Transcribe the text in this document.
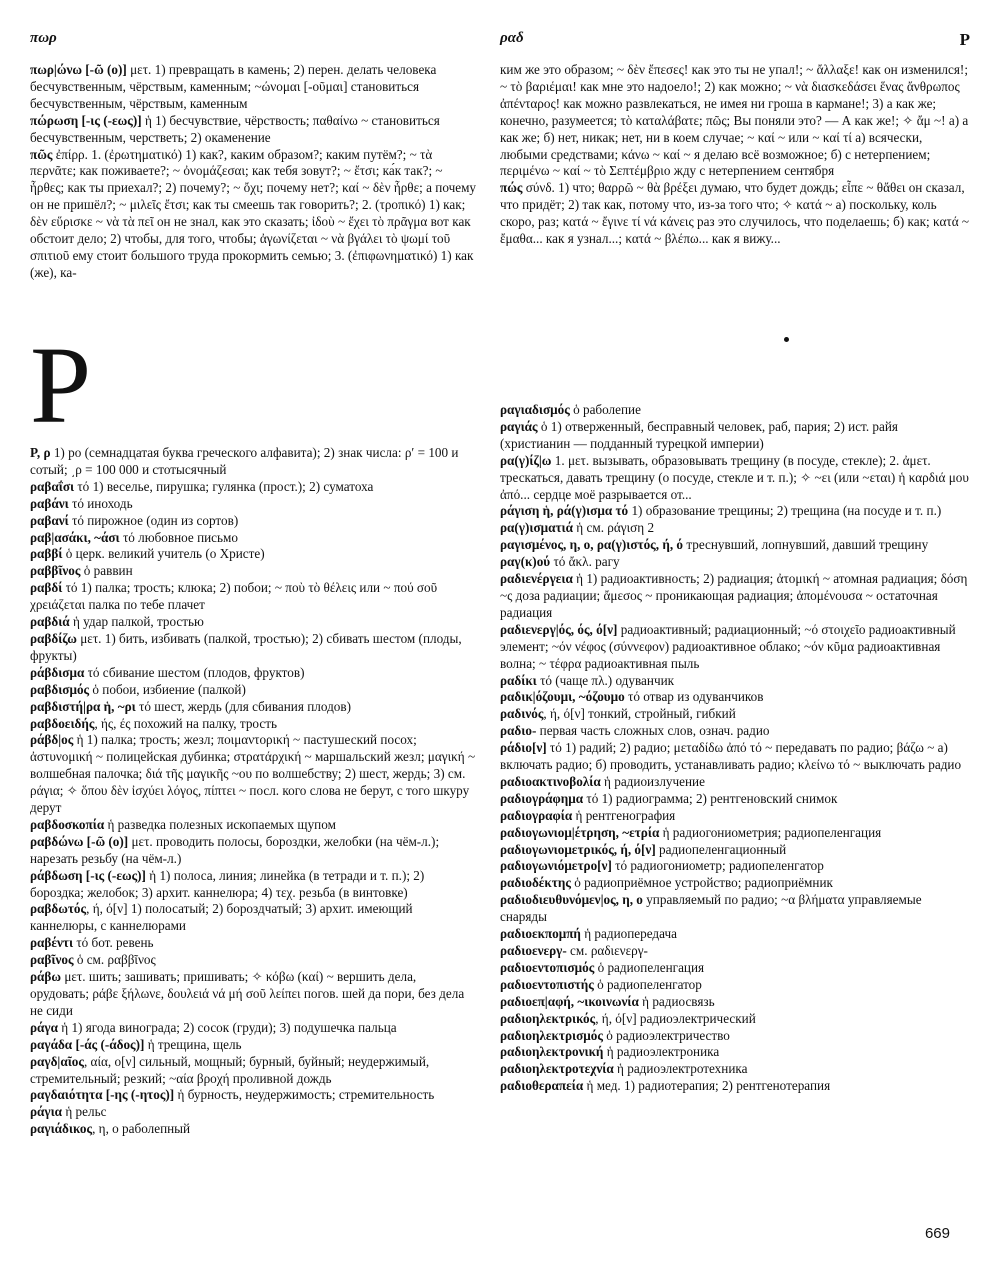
πωρ	ραδ	Ρ

πωρ|ώνω [-ῶ (ο)] μετ. 1) превращать в камень; 2) перен. делать человека бесчувственным, чёрствым, каменным; ~ώνομαι [-οῦμαι] становиться бесчувственным, чёрствым, каменным

πώρωση [-ις (-εως)] ἡ 1) бесчувствие, чёрствость; παθαίνω ~ становиться бесчувственным, черстветь; 2) окаменение

πῶς ἐπίρρ. 1. (ἐρωτηματικό) 1) как?, каким образом?; каким путём?; ~ τὰ περνᾶτε; как поживаете?; ~ ὀνομάζεσαι; как тебя зовут?; ~ ἔτσι; ка́к так?; ~ ἦρθες; как ты приехал?; 2) почему?; ~ ὄχι; почему нет?; καί ~ δὲν ἦρθε; а почему он не пришёл?; ~ μιλεῖς ἔτσι; как ты смеешь так говорить?; 2. (τροπικό) 1) как; δὲν εὕρισκε ~ νὰ τὰ πεῖ он не знал, как это сказать; ἰδοὺ ~ ἔχει τὸ πρᾶγμα вот как обстоит дело; 2) чтобы, для того, чтобы; ἀγωνίζεται ~ νὰ βγάλει τὸ ψωμί τοῦ σπιτιοῦ ему стоит большого труда прокормить семью; 3. (ἐπιφωνηματικό) 1) как (же), ка-

ким же это образом; ~ δὲν ἔπεσες! как это ты не упал!; ~ ἄλλαξε! как он изменился!; ~ τὸ βαριέμαι! как мне это надоело!; 2) как можно; ~ νὰ διασκεδάσει ἕνας ἄνθρωπος ἀπένταρος! как можно развлекаться, не имея ни гроша в кармане!; 3) а как же; конечно, разумеется; τὸ καταλάβατε; πῶς; Вы поняли это? — А как же!; ✧ ἄμ ~! а) а как же; б) нет, никак; нет, ни в коем случае; ~ καί ~ или ~ καί τί а) всячески, любыми средствами; κάνω ~ καί ~ я делаю всё возможное; б) с нетерпением; περιμένω ~ καί ~ τὸ Σεπτέμβριο жду с нетерпением сентября

πώς σύνδ. 1) что; θαρρῶ ~ θὰ βρέξει думаю, что будет дождь; εἶπε ~ θἄθει он сказал, что придёт; 2) так как, потому что, из-за того что; ✧ κατά ~ а) поскольку, коль скоро, раз; κατά ~ ἔγινε τί νά κάνεις раз это случилось, что поделаешь; б) как; κατά ~ ἔμαθα... как я узнал...; κατά ~ βλέπω... как я вижу...

Ρ

Ρ, ρ 1) ро (семнадцатая буква греческого алфавита); 2) знак числа: ρ′ = 100 и сотый; ͵ρ = 100 000 и стотысячный

ραβαΐσι τό 1) веселье, пирушка; гулянка (прост.); 2) суматоха

ραβάνι τό иноходь

ραβανί τό пирожное (один из сортов)

ραβ|ασάκι, ~άσι τό любовное письмо

ραββί ὁ церк. великий учитель (о Христе)

ραββῖνος ὁ раввин

ραβδί τό 1) палка; трость; клюка; 2) побои; ~ ποὺ τὸ θέλεις или ~ πού σοῦ χρειάζεται палка по тебе плачет

ραβδιά ἡ удар палкой, тростью

ραβδίζω μετ. 1) бить, избивать (палкой, тростью); 2) сбивать шестом (плоды, фрукты)

ράβδισμα τό сбивание шестом (плодов, фруктов)

ραβδισμός ὁ побои, избиение (палкой)

ραβδιστή|ρα ἡ, ~ρι τό шест, жердь (для сбивания плодов)

ραβδοειδής, ής, ές похожий на палку, трость

ράβδ|ος ἡ 1) палка; трость; жезл; ποιμαντορική ~ пастушеский посох; ἀστυνομική ~ полицейская дубинка; στρατάρχική ~ маршальский жезл; μαγική ~ волшебная палочка; διά τῆς μαγικῆς ~ου по волшебству; 2) шест, жердь; 3) см. ράγια; ✧ ὅπου δὲν ἰσχύει λόγος, πίπτει ~ посл. кого слова не берут, с того шкуру дерут

ραβδοσκοπία ἡ разведка полезных ископаемых щупом

ραβδώνω [-ῶ (ο)] μετ. проводить полосы, бороздки, желобки (на чём-л.); нарезать резьбу (на чём-л.)

ράβδωση [-ις (-εως)] ἡ 1) полоса, линия; линейка (в тетради и т. п.); 2) бороздка; желобок; 3) архит. каннелюра; 4) τεχ. резьба (в винтовке)

ραβδωτός, ή, ό[ν] 1) полосатый; 2) бороздчатый; 3) архит. имеющий каннелюры, с каннелюрами

ραβέντι τό бот. ревень

ραβῖνος ὁ см. ραββῖνος

ράβω μετ. шить; зашивать; пришивать; ✧ κόβω (καί) ~ вершить дела, орудовать; ράβε ξήλωνε, δουλειά νά μή σοῦ λείπει погов. шей да пори, без дела не сиди

ράγα ἡ 1) ягода винограда; 2) сосок (груди); 3) подушечка пальца

ραγάδα [-άς (-άδος)] ἡ трещина, щель

ραγδ|αῖος, αία, ο[ν] сильный, мощный; бурный, буйный; неудержимый, стремительный; резкий; ~αία βροχή проливной дождь

ραγδαιότητα [-ης (-ητος)] ἡ бурность, неудержимость; стремительность

ράγια ἡ рельс

ραγιάδικος, η, ο раболепный

ραγιαδισμός ὁ раболепие

ραγιάς ὁ 1) отверженный, бесправный человек, раб, пария; 2) ист. райя (христианин — подданный турецкой империи)

ρα(γ)ίζ|ω 1. μετ. вызывать, образовывать трещину (в посуде, стекле); 2. ἀμετ. трескаться, давать трещину (о посуде, стекле и т. п.); ✧ ~ει (или ~εται) ἡ καρδιά μου ἀπό... сердце моё разрывается от...

ράγιση ἡ, ρά(γ)ισμα τό 1) образование трещины; 2) трещина (на посуде и т. п.)

ρα(γ)ισματιά ἡ см. ράγιση 2

ραγισμένος, η, ο, ρα(γ)ιστός, ή, ό треснувший, лопнувший, давший трещину

ραγ(κ)ού τό ἄκλ. рагу

ραδιενέργεια ἡ 1) радиоактивность; 2) радиация; ἀτομική ~ атомная радиация; δόση ~ς доза радиации; ἄμεσος ~ проникающая радиация; ἀπομένουσα ~ остаточная радиация

ραδιενεργ|ός, ός, ό[ν] радиоактивный; радиационный; ~ό στοιχεῖο радиоактивный элемент; ~όν νέφος (σύννεφον) радиоактивное облако; ~όν κῦμα радиоактивная волна; ~ τέφρα радиоактивная пыль

ραδίκι τό (чаще πλ.) одуванчик

ραδικ|όζουμι, ~όζουμο τό отвар из одуванчиков

ραδινός, ή, ό[ν] тонкий, стройный, гибкий

ραδιο- первая часть сложных слов, означ. радио

ράδιο[ν] τό 1) радий; 2) радио; μεταδίδω ἀπό τό ~ передавать по радио; βάζω ~ а) включать радио; б) проводить, устанавливать радио; κλείνω τό ~ выключать радио

ραδιοακτινοβολία ἡ радиоизлучение

ραδιογράφημα τό 1) радиограмма; 2) рентгеновский снимок

ραδιογραφία ἡ рентгенография

ραδιογωνιομ|έτρηση, ~ετρία ἡ радиогониометрия; радиопеленгация

ραδιογωνιομετρικός, ή, ό[ν] радиопеленгационный

ραδιογωνιόμετρο[ν] τό радиогониометр; радиопеленгатор

ραδιοδέκτης ὁ радиоприёмное устройство; радиоприёмник

ραδιοδιευθυνόμεν|ος, η, ο управляемый по радио; ~α βλήματα управляемые снаряды

ραδιοεκπομπή ἡ радиопередача

ραδιοενεργ- см. ραδιενεργ-

ραδιοεντοπισμός ὁ радиопеленгация

ραδιοεντοπιστής ὁ радиопеленгатор

ραδιοεπ|αφή, ~ικοινωνία ἡ радиосвязь

ραδιοηλεκτρικός, ή, ό[ν] радиоэлектрический

ραδιοηλεκτρισμός ὁ радиоэлектричество

ραδιοηλεκτρονική ἡ радиоэлектроника

ραδιοηλεκτροτεχνία ἡ радиоэлектротехника

ραδιοθεραπεία ἡ мед. 1) радиотерапия; 2) рентгенотерапия

669
